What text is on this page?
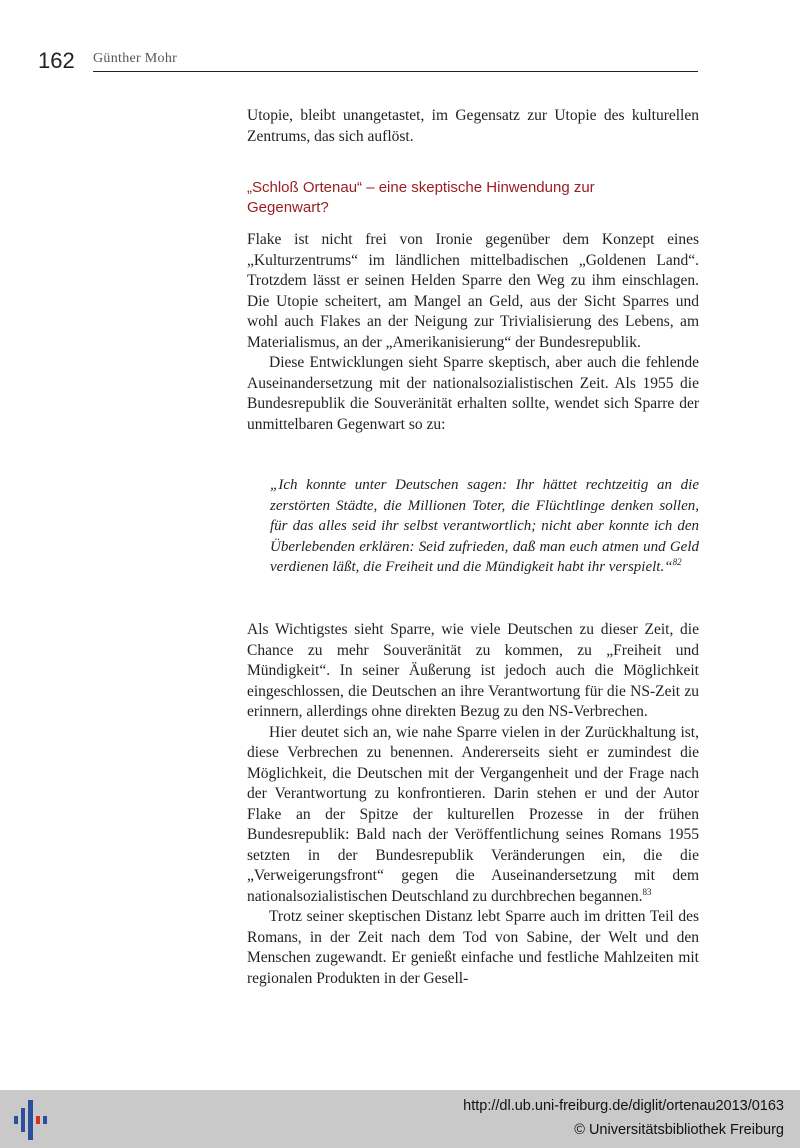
162 Günther Mohr

Utopie, bleibt unangetastet, im Gegensatz zur Utopie des kulturellen Zentrums, das sich auflöst.

„Schloß Ortenau“ – eine skeptische Hinwendung zur Gegenwart?

Flake ist nicht frei von Ironie gegenüber dem Konzept eines „Kulturzentrums“ im ländlichen mittelbadischen „Goldenen Land“. Trotzdem lässt er seinen Helden Sparre den Weg zu ihm einschlagen. Die Utopie scheitert, am Mangel an Geld, aus der Sicht Sparres und wohl auch Flakes an der Neigung zur Trivialisierung des Lebens, am Materialismus, an der „Amerikanisierung“ der Bundesrepublik.

Diese Entwicklungen sieht Sparre skeptisch, aber auch die fehlende Auseinandersetzung mit der nationalsozialistischen Zeit. Als 1955 die Bundesrepublik die Souveränität erhalten sollte, wendet sich Sparre der unmittelbaren Gegenwart so zu:

„Ich konnte unter Deutschen sagen: Ihr hättet rechtzeitig an die zerstörten Städte, die Millionen Toter, die Flüchtlinge denken sollen, für das alles seid ihr selbst verantwortlich; nicht aber konnte ich den Überlebenden erklären: Seid zufrieden, daß man euch atmen und Geld verdienen läßt, die Freiheit und die Mündigkeit habt ihr verspielt.“$^{82}$

Als Wichtigstes sieht Sparre, wie viele Deutschen zu dieser Zeit, die Chance zu mehr Souveränität zu kommen, zu „Freiheit und Mündigkeit“. In seiner Äußerung ist jedoch auch die Möglichkeit eingeschlossen, die Deutschen an ihre Verantwortung für die NS-Zeit zu erinnern, allerdings ohne direkten Bezug zu den NS-Verbrechen.

Hier deutet sich an, wie nahe Sparre vielen in der Zurückhaltung ist, diese Verbrechen zu benennen. Andererseits sieht er zumindest die Möglichkeit, die Deutschen mit der Vergangenheit und der Frage nach der Verantwortung zu konfrontieren. Darin stehen er und der Autor Flake an der Spitze der kulturellen Prozesse in der frühen Bundesrepublik: Bald nach der Veröffentlichung seines Romans 1955 setzten in der Bundesrepublik Veränderungen ein, die die „Verweigerungsfront“ gegen die Auseinandersetzung mit dem nationalsozialistischen Deutschland zu durchbrechen begannen.$^{83}$

Trotz seiner skeptischen Distanz lebt Sparre auch im dritten Teil des Romans, in der Zeit nach dem Tod von Sabine, der Welt und den Menschen zugewandt. Er genießt einfache und festliche Mahlzeiten mit regionalen Produkten in der Gesell-

http://dl.ub.uni-freiburg.de/diglit/ortenau2013/0163
© Universitätsbibliothek Freiburg
